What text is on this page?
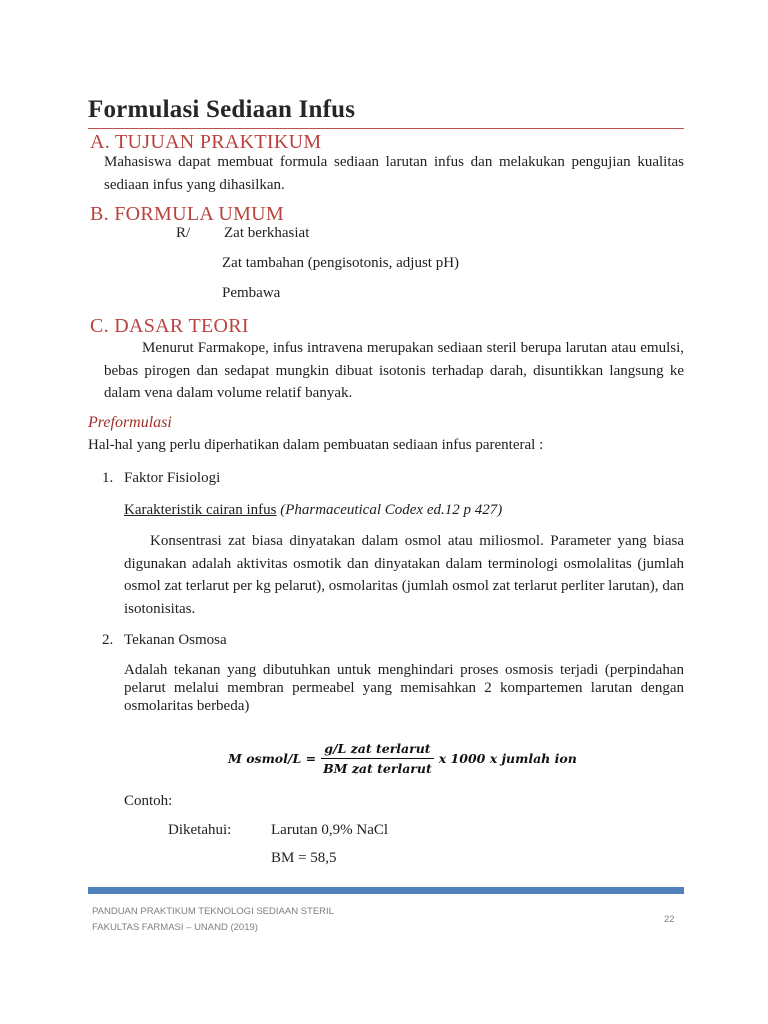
Formulasi Sediaan Infus
A. TUJUAN PRAKTIKUM

Mahasiswa dapat membuat formula sediaan larutan infus dan melakukan pengujian kualitas sediaan infus yang dihasilkan.

B. FORMULA UMUM
R/ Zat berkhasiat
Zat tambahan (pengisotonis, adjust pH)
Pembawa
C. DASAR TEORI

Menurut Farmakope, infus intravena merupakan sediaan steril berupa larutan atau emulsi, bebas pirogen dan sedapat mungkin dibuat isotonis terhadap darah, disuntikkan langsung ke dalam vena dalam volume relatif banyak.

Preformulasi
Hal-hal yang perlu diperhatikan dalam pembuatan sediaan infus parenteral :
1. Faktor Fisiologi
Karakteristik cairan infus (Pharmaceutical Codex ed.12 p 427)

Konsentrasi zat biasa dinyatakan dalam osmol atau miliosmol. Parameter yang biasa digunakan adalah aktivitas osmotik dan dinyatakan dalam terminologi osmolalitas (jumlah osmol zat terlarut per kg pelarut), osmolaritas (jumlah osmol zat terlarut perliter larutan), dan isotonisitas.

2. Tekanan Osmosa

Adalah tekanan yang dibutuhkan untuk menghindari proses osmosis terjadi (perpindahan pelarut melalui membran permeabel yang memisahkan 2 kompartemen larutan dengan osmolaritas berbeda)

M osmol/L = $\frac{\text{g/L zat terlarut}}{\text{BM zat terlarut}}$ x 1000 x jumlah ion
Contoh:
Diketahui:	Larutan 0,9% NaCl
BM = 58,5
PANDUAN PRAKTIKUM TEKNOLOGI SEDIAAN STERIL
FAKULTAS FARMASI – UNAND (2019)
22
